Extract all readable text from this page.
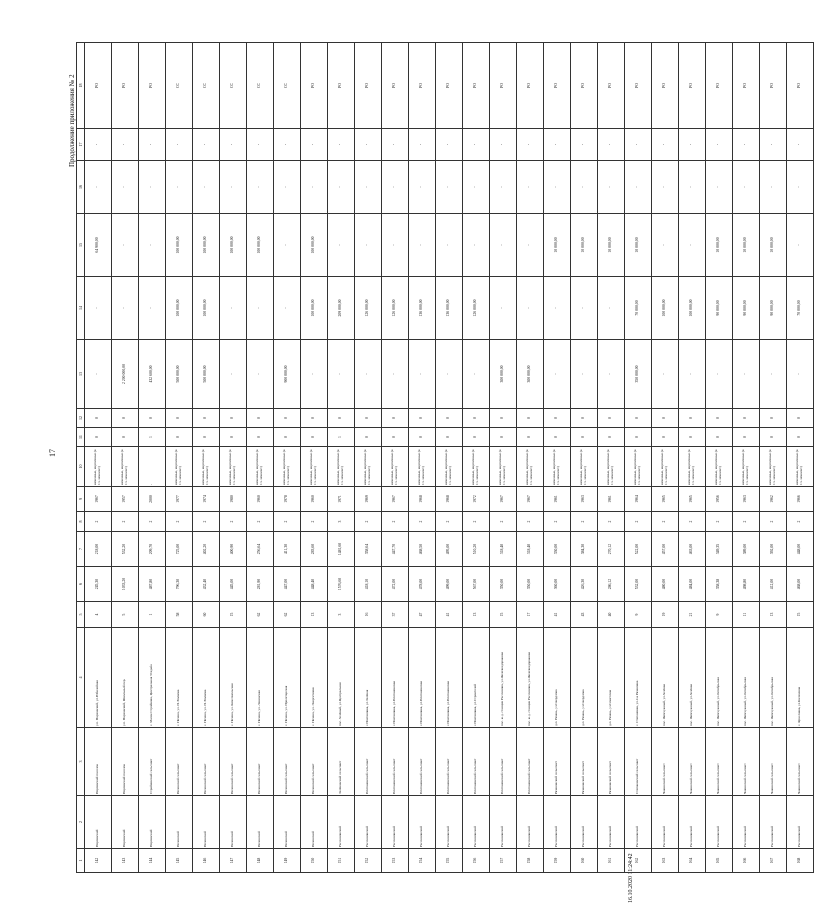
Продолжение приложения № 2
17
16.10.2020 11:24:42
1	2	3	4	5	6	7	8	9	10	11	12	13	14	15	16	17	18
142	Порховский	Порховский поселок	у.п. Порховский, ул.Юбилейная	4	245,30	218,00	2	1967	каменные, кирпичные (в т.ч. монолит)	0	0	-	-	64 900,00	-	-	РО
143	Порховский	Порховский поселок	у.п. Порховский, Школьный пер.	5	1033,20	532,20	2	1957	каменные, кирпичные (в т.ч. монолит)	0	0	2 200 000,00	-	-	-	-	РО
144	Порховский	Стройковский сельсовет	с. Малое Стройково, Центральная Усадьба	1	487,80	209,70	2	2000	-	1	0	432 600,00	-	-	-	-	РО
145	Печенский	Печенский сельсовет	с. Печено, ул. Н. Волкова	58	796,30	725,00	2	1977	каменные, кирпичные (в т.ч. монолит)	0	0	500 000,00	100 000,00	100 000,00	-	-	СС
146	Печенский	Печенский сельсовет	с. Печено, ул. Н. Волкова	60	432,40	402,20	2	1974	каменные, кирпичные (в т.ч. монолит)	0	0	500 000,00	100 000,00	100 000,00	-	-	СС
147	Печенский	Печенский сельсовет	с. Печено, ул. Комсомольская	15	445,00	400,90	2	1980	каменные, кирпичные (в т.ч. монолит)	0	0	-	-	100 000,00	-	-	СС
148	Печенский	Печенский сельсовет	с. Печено, ул. Ленинская	62	281,90	256,64	2	1960	каменные, кирпичные (в т.ч. монолит)	0	0	-	-	100 000,00	-	-	СС
149	Печенский	Печенский сельсовет	с. Печено, ул. Пролетарская	62	447,00	411,30	2	1978	каменные, кирпичные (в т.ч. монолит)	0	0	900 000,00	-	-	-	-	СС
150	Печенский	Печенский сельсовет	с. Печено, ул. Энергетиков	13	448,40	283,60	2	1960	каменные, кирпичные (в т.ч. монолит)	0	0	-	100 000,00	100 000,00	-	-	РО
151	Рассказовский	Зелёновский сельсовет	пос. Зелёный, ул.Центральная	3	1576,60	1481,60	3	1971	каменные, кирпичные (в т.ч. монолит)	1	0	-	209 000,00	-	-	-	РО
152	Рассказовский	Платоновский сельсовет	с.Платоновка, ул.Зелёная	16	418,10	358,64	2	1969	каменные, кирпичные (в т.ч. монолит)	0	0	-	126 000,00	-	-	-	РО
153	Рассказовский	Платоновский сельсовет	с.Платоновка, ул.Платоновская	37	472,00	447,70	2	1967	каменные, кирпичные (в т.ч. монолит)	0	0	-	126 000,00	-	-	-	РО
154	Рассказовский	Платоновский сельсовет	с.Платоновка, ул.Платоновская	47	478,00	468,50	2	1968	каменные, кирпичные (в т.ч. монолит)	0	0	-	136 000,00	-	-	-	РО
155	Рассказовский	Платоновский сельсовет	с.Платоновка, ул.Платоновская	41	499,00	495,00	2	1968	каменные, кирпичные (в т.ч. монолит)	0	0	-	136 000,00	-	-	-	РО
156	Рассказовский	Платоновский сельсовет	с.Платоновка, ул.Строителей	13	567,00	510,20	2	1972	каменные, кирпичные (в т.ч. монолит)	0	0	-	126 000,00	-	-	-	РО
157	Рассказовский	Платоновский сельсовет	пос. ж.д. станции Рассказово, ул.Железнодорожная	15	350,00	318,40	2	1967	каменные, кирпичные (в т.ч. монолит)	0	0	300 000,00	-	-	-	-	РО
158	Рассказовский	Платоновский сельсовет	пос. ж.д. станции Рассказово, ул.Железнодорожная	17	350,00	318,40	2	1967	каменные, кирпичные (в т.ч. монолит)	0	0	300 000,00	-	-	-	-	РО
159	Рассказовский	Рязановский сельсовет	д.п. Рязань, ул.Свердлова	41	360,00	330,00	2	1961	каменные, кирпичные (в т.ч. монолит)	0	0	-	-	10 000,00	-	-	РО
160	Рассказовский	Рязановский сельсовет	д.п. Рязань, ул.Свердлова	43	426,30	384,30	2	1963	каменные, кирпичные (в т.ч. монолит)	0	0	-	-	10 000,00	-	-	РО
161	Рассказовский	Рязановский сельсовет	д.п. Рязань, ул.Советская	40	286,12	270,12	2	1961	каменные, кирпичные (в т.ч. монолит)	0	0	-	-	10 000,00	-	-	РО
162	Рассказовский	Степановский сельсовет	с. Степановка, ул.2-я Рязановка	9	532,00	522,00	2	1964	каменные, кирпичные (в т.ч. монолит)	0	0	350 000,00	70 000,00	10 000,00	-	-	РО
163	Рассказовский	Чакинский сельсовет	пос. Жемчужный, ул.Зелёная	19	480,00	457,00	2	1965	каменные, кирпичные (в т.ч. монолит)	0	0	-	100 000,00	-	-	-	РО
164	Рассказовский	Чакинский сельсовет	пос. Жемчужный, ул.Зелёная	21	484,00	463,00	2	1965	каменные, кирпичные (в т.ч. монолит)	0	0	-	100 000,00	-	-	-	РО
165	Рассказовский	Чакинский сельсовет	пос. Жемчужный, ул.Октябрьская	9	358,38	349,35	2	1956	каменные, кирпичные (в т.ч. монолит)	0	0	-	90 000,00	10 000,00	-	-	РО
166	Рассказовский	Чакинский сельсовет	пос. Жемчужный, ул.Октябрьская	11	498,80	389,00	2	1963	каменные, кирпичные (в т.ч. монолит)	0	0	-	90 000,00	10 000,00	-	-	РО
167	Рассказовский	Чакинский сельсовет	пос. Жемчужный, ул.Октябрьская	13	412,00	392,00	2	1962	каменные, кирпичные (в т.ч. монолит)	0	0	-	90 000,00	10 000,00	-	-	РО
168	Рассказовский	Чакинский сельсовет	с. Ярославка, ул.Колхозная	15	468,00	448,00	2	1966	каменные, кирпичные (в т.ч. монолит)	0	0	-	70 000,00	-	-	-	РО
